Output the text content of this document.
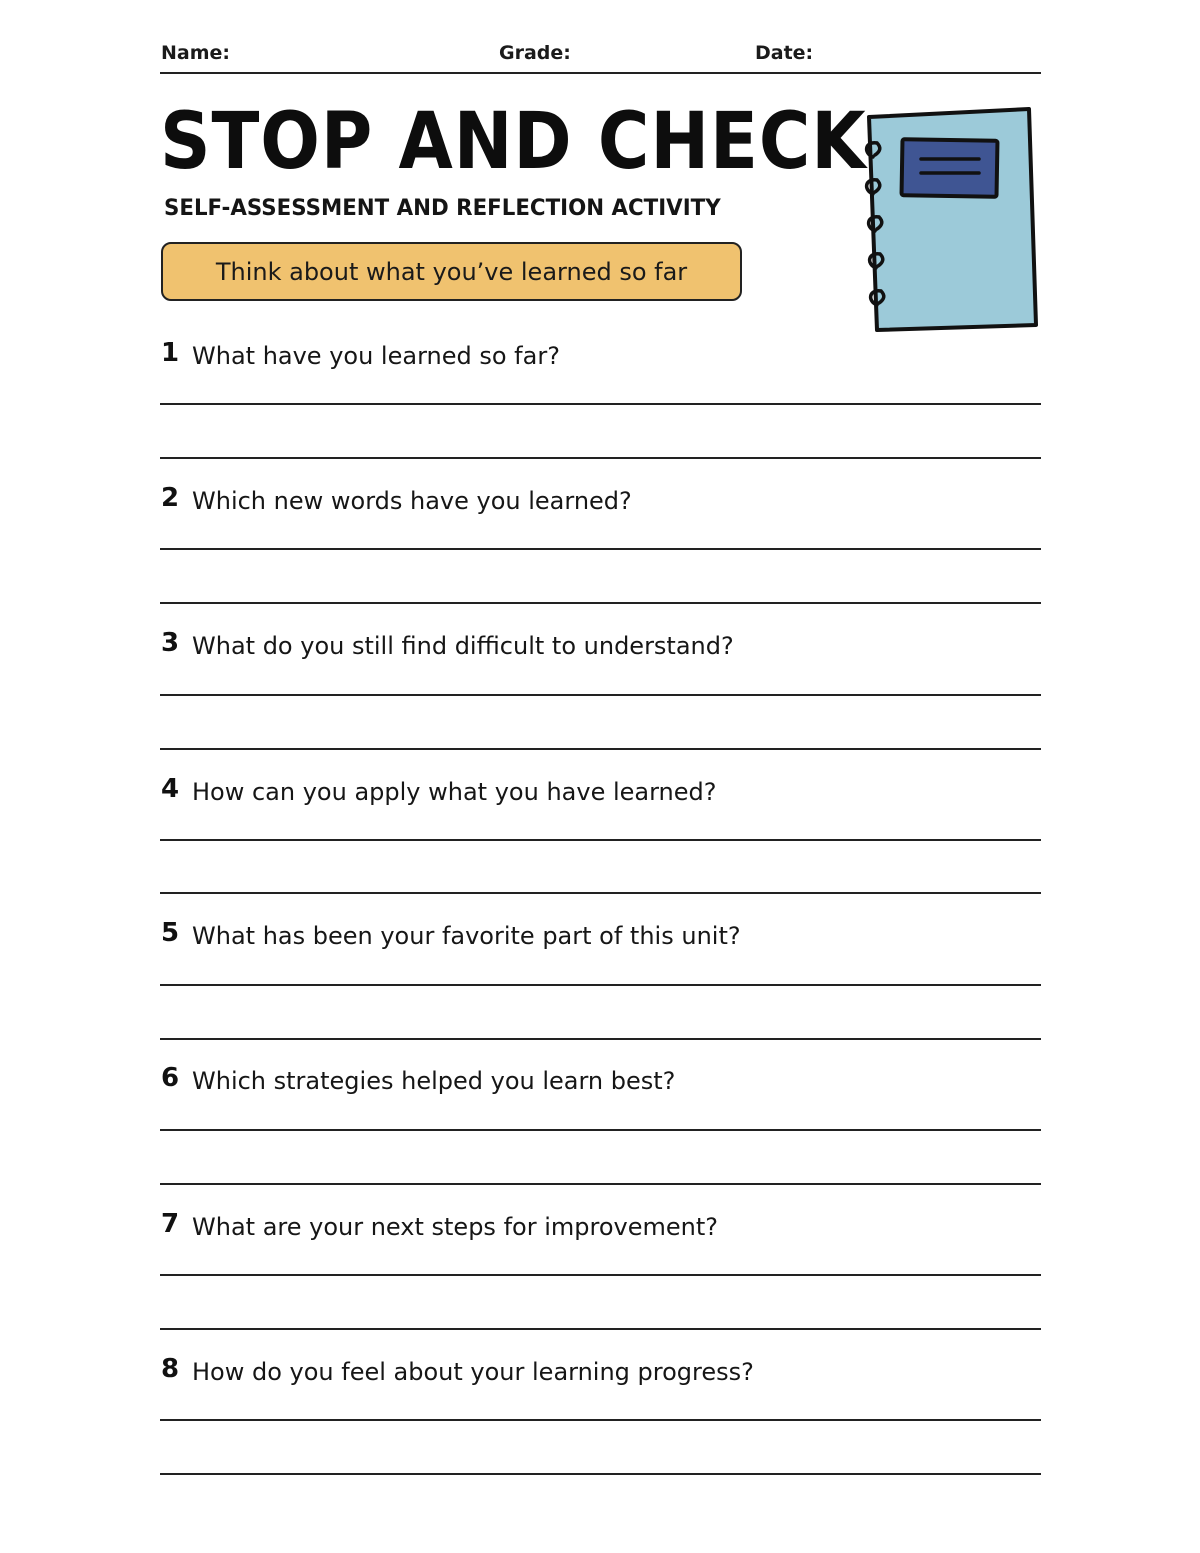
Name:	Grade:	Date:
STOP AND CHECK
SELF-ASSESSMENT AND REFLECTION ACTIVITY
Think about what you’ve learned so far
1 What have you learned so far?
2 Which new words have you learned?
3 What do you still find difficult to understand?
4 How can you apply what you have learned?
5 What has been your favorite part of this unit?
6 Which strategies helped you learn best?
7 What are your next steps for improvement?
8 How do you feel about your learning progress?
